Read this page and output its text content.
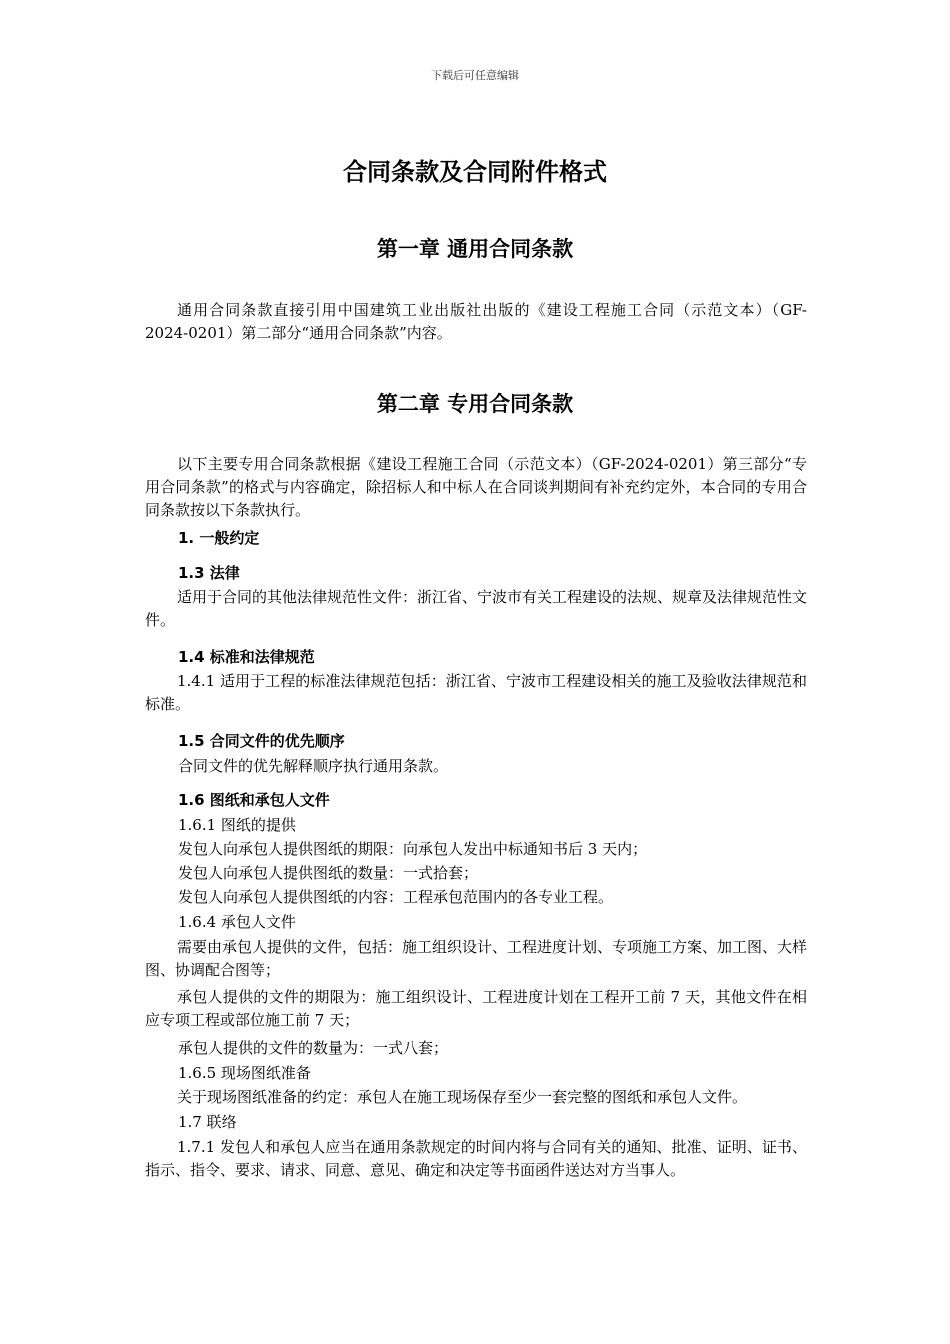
下载后可任意编辑
合同条款及合同附件格式
第一章 通用合同条款
通用合同条款直接引用中国建筑工业出版社出版的《建设工程施工合同（示范文本）（GF-2024-0201）第二部分“通用合同条款”内容。
第二章 专用合同条款
以下主要专用合同条款根据《建设工程施工合同（示范文本）（GF-2024-0201）第三部分“专用合同条款”的格式与内容确定，除招标人和中标人在合同谈判期间有补充约定外，本合同的专用合同条款按以下条款执行。
1. 一般约定
1.3 法律
适用于合同的其他法律规范性文件：浙江省、宁波市有关工程建设的法规、规章及法律规范性文件。
1.4 标准和法律规范
1.4.1 适用于工程的标准法律规范包括：浙江省、宁波市工程建设相关的施工及验收法律规范和标准。
1.5 合同文件的优先顺序
合同文件的优先解释顺序执行通用条款。
1.6 图纸和承包人文件
1.6.1 图纸的提供
发包人向承包人提供图纸的期限：向承包人发出中标通知书后 3 天内；
发包人向承包人提供图纸的数量：一式拾套；
发包人向承包人提供图纸的内容：工程承包范围内的各专业工程。
1.6.4 承包人文件
需要由承包人提供的文件，包括：施工组织设计、工程进度计划、专项施工方案、加工图、大样图、协调配合图等；
承包人提供的文件的期限为：施工组织设计、工程进度计划在工程开工前 7 天，其他文件在相应专项工程或部位施工前 7 天；
承包人提供的文件的数量为：一式八套；
1.6.5 现场图纸准备
关于现场图纸准备的约定：承包人在施工现场保存至少一套完整的图纸和承包人文件。
1.7 联络
1.7.1 发包人和承包人应当在通用条款规定的时间内将与合同有关的通知、批准、证明、证书、指示、指令、要求、请求、同意、意见、确定和决定等书面函件送达对方当事人。
